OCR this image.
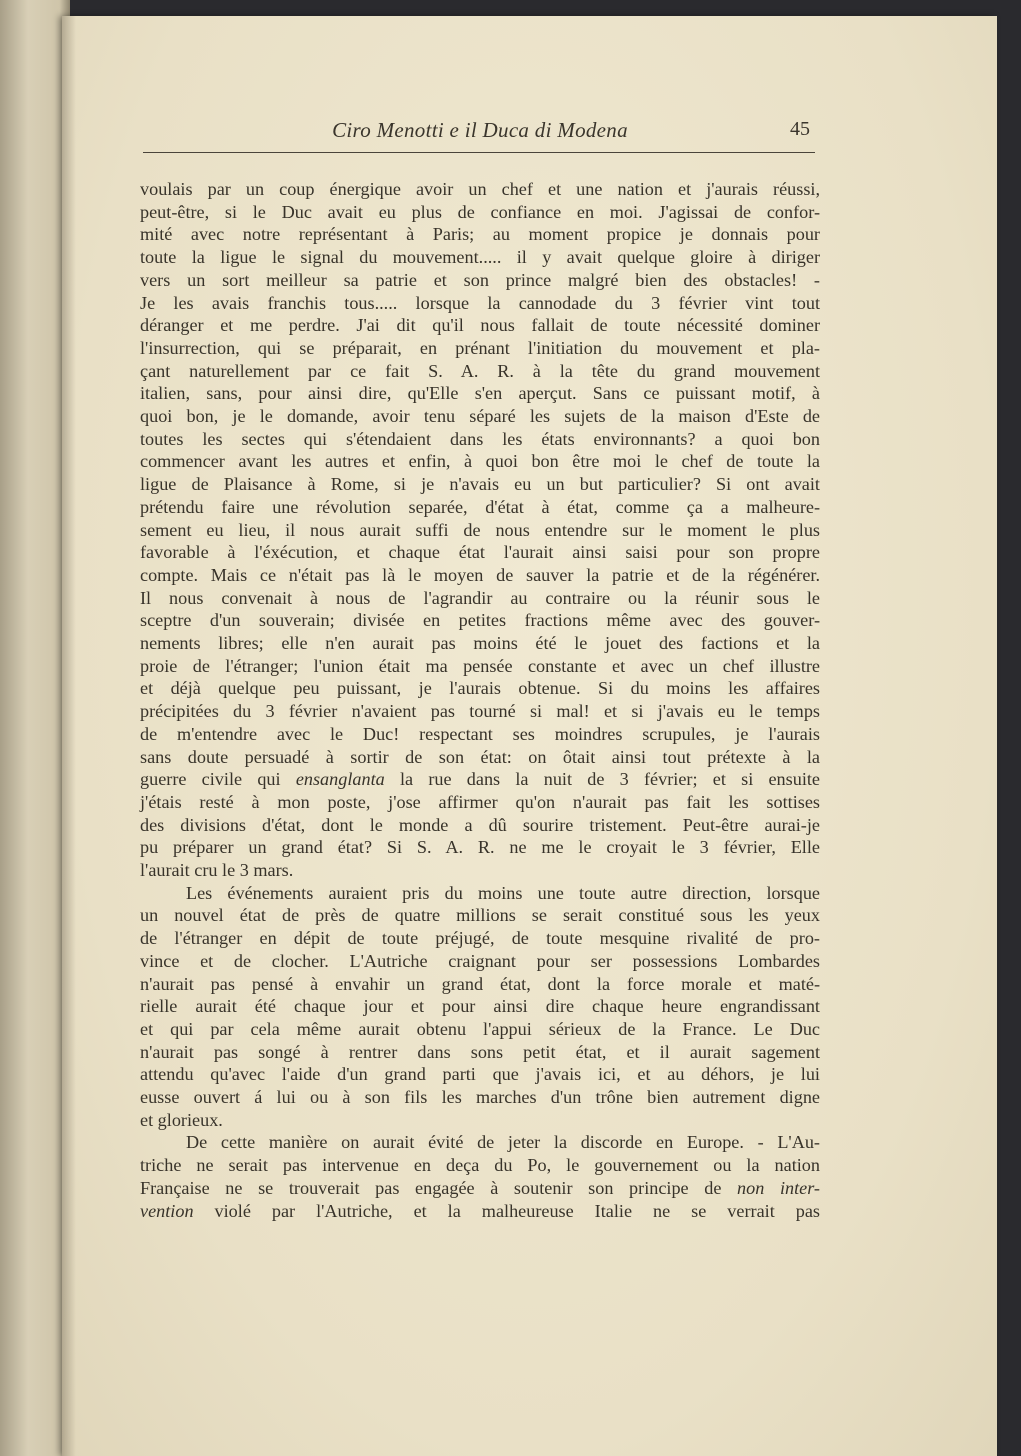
Ciro Menotti e il Duca di Modena	45
voulais par un coup énergique avoir un chef et une nation et j'aurais réussi,
peut-être, si le Duc avait eu plus de confiance en moi. J'agissai de confor-
mité avec notre représentant à Paris; au moment propice je donnais pour
toute la ligue le signal du mouvement..... il y avait quelque gloire à diriger
vers un sort meilleur sa patrie et son prince malgré bien des obstacles! -
Je les avais franchis tous..... lorsque la cannodade du 3 février vint tout
déranger et me perdre. J'ai dit qu'il nous fallait de toute nécessité dominer
l'insurrection, qui se préparait, en prénant l'initiation du mouvement et pla-
çant naturellement par ce fait S. A. R. à la tête du grand mouvement
italien, sans, pour ainsi dire, qu'Elle s'en aperçut. Sans ce puissant motif, à
quoi bon, je le domande, avoir tenu séparé les sujets de la maison d'Este de
toutes les sectes qui s'étendaient dans les états environnants? a quoi bon
commencer avant les autres et enfin, à quoi bon être moi le chef de toute la
ligue de Plaisance à Rome, si je n'avais eu un but particulier? Si ont avait
prétendu faire une révolution separée, d'état à état, comme ça a malheure-
sement eu lieu, il nous aurait suffi de nous entendre sur le moment le plus
favorable à l'éxécution, et chaque état l'aurait ainsi saisi pour son propre
compte. Mais ce n'était pas là le moyen de sauver la patrie et de la régénérer.
Il nous convenait à nous de l'agrandir au contraire ou la réunir sous le
sceptre d'un souverain; divisée en petites fractions même avec des gouver-
nements libres; elle n'en aurait pas moins été le jouet des factions et la
proie de l'étranger; l'union était ma pensée constante et avec un chef illustre
et déjà quelque peu puissant, je l'aurais obtenue. Si du moins les affaires
précipitées du 3 février n'avaient pas tourné si mal! et si j'avais eu le temps
de m'entendre avec le Duc! respectant ses moindres scrupules, je l'aurais
sans doute persuadé à sortir de son état: on ôtait ainsi tout prétexte à la
guerre civile qui ensanglanta la rue dans la nuit de 3 février; et si ensuite
j'étais resté à mon poste, j'ose affirmer qu'on n'aurait pas fait les sottises
des divisions d'état, dont le monde a dû sourire tristement. Peut-être aurai-je
pu préparer un grand état? Si S. A. R. ne me le croyait le 3 février, Elle
l'aurait cru le 3 mars.
Les événements auraient pris du moins une toute autre direction, lorsque
un nouvel état de près de quatre millions se serait constitué sous les yeux
de l'étranger en dépit de toute préjugé, de toute mesquine rivalité de pro-
vince et de clocher. L'Autriche craignant pour ser possessions Lombardes
n'aurait pas pensé à envahir un grand état, dont la force morale et maté-
rielle aurait été chaque jour et pour ainsi dire chaque heure engrandissant
et qui par cela même aurait obtenu l'appui sérieux de la France. Le Duc
n'aurait pas songé à rentrer dans sons petit état, et il aurait sagement
attendu qu'avec l'aide d'un grand parti que j'avais ici, et au déhors, je lui
eusse ouvert á lui ou à son fils les marches d'un trône bien autrement digne
et glorieux.
De cette manière on aurait évité de jeter la discorde en Europe. - L'Au-
triche ne serait pas intervenue en deça du Po, le gouvernement ou la nation
Française ne se trouverait pas engagée à soutenir son principe de non inter-
vention violé par l'Autriche, et la malheureuse Italie ne se verrait pas
